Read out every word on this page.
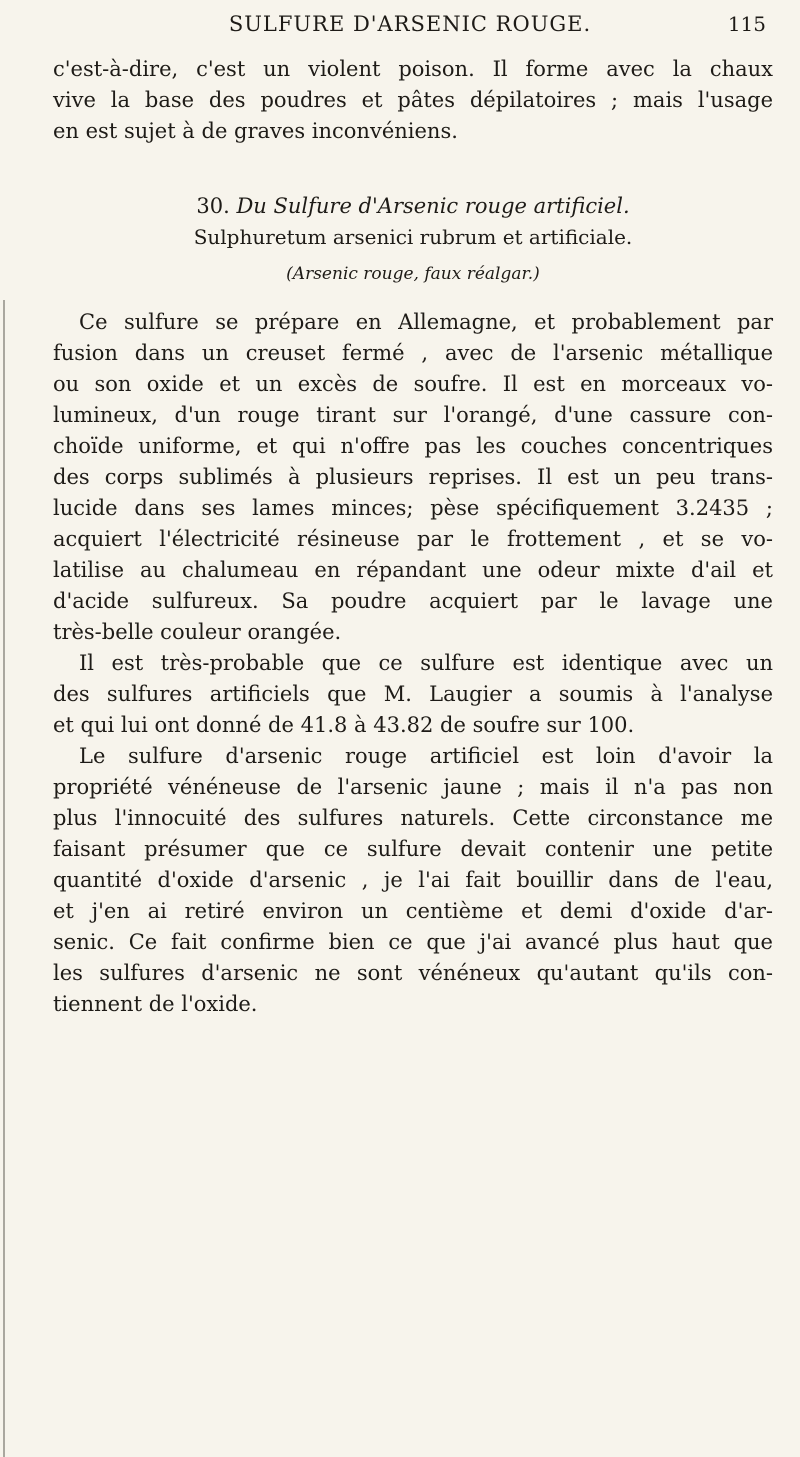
SULFURE D'ARSENIC ROUGE.	115
c'est-à-dire, c'est un violent poison. Il forme avec la chaux
vive la base des poudres et pâtes dépilatoires ; mais l'usage
en est sujet à de graves inconvéniens.
30. Du Sulfure d'Arsenic rouge artificiel.
Sulphuretum arsenici rubrum et artificiale.
(Arsenic rouge, faux réalgar.)
Ce sulfure se prépare en Allemagne, et probablement par
fusion dans un creuset fermé , avec de l'arsenic métallique
ou son oxide et un excès de soufre. Il est en morceaux vo-
lumineux, d'un rouge tirant sur l'orangé, d'une cassure con-
choïde uniforme, et qui n'offre pas les couches concentriques
des corps sublimés à plusieurs reprises. Il est un peu trans-
lucide dans ses lames minces; pèse spécifiquement 3.2435 ;
acquiert l'électricité résineuse par le frottement , et se vo-
latilise au chalumeau en répandant une odeur mixte d'ail et
d'acide sulfureux. Sa poudre acquiert par le lavage une
très-belle couleur orangée.
Il est très-probable que ce sulfure est identique avec un
des sulfures artificiels que M. Laugier a soumis à l'analyse
et qui lui ont donné de 41.8 à 43.82 de soufre sur 100.
Le sulfure d'arsenic rouge artificiel est loin d'avoir la
propriété vénéneuse de l'arsenic jaune ; mais il n'a pas non
plus l'innocuité des sulfures naturels. Cette circonstance me
faisant présumer que ce sulfure devait contenir une petite
quantité d'oxide d'arsenic , je l'ai fait bouillir dans de l'eau,
et j'en ai retiré environ un centième et demi d'oxide d'ar-
senic. Ce fait confirme bien ce que j'ai avancé plus haut que
les sulfures d'arsenic ne sont vénéneux qu'autant qu'ils con-
tiennent de l'oxide.
